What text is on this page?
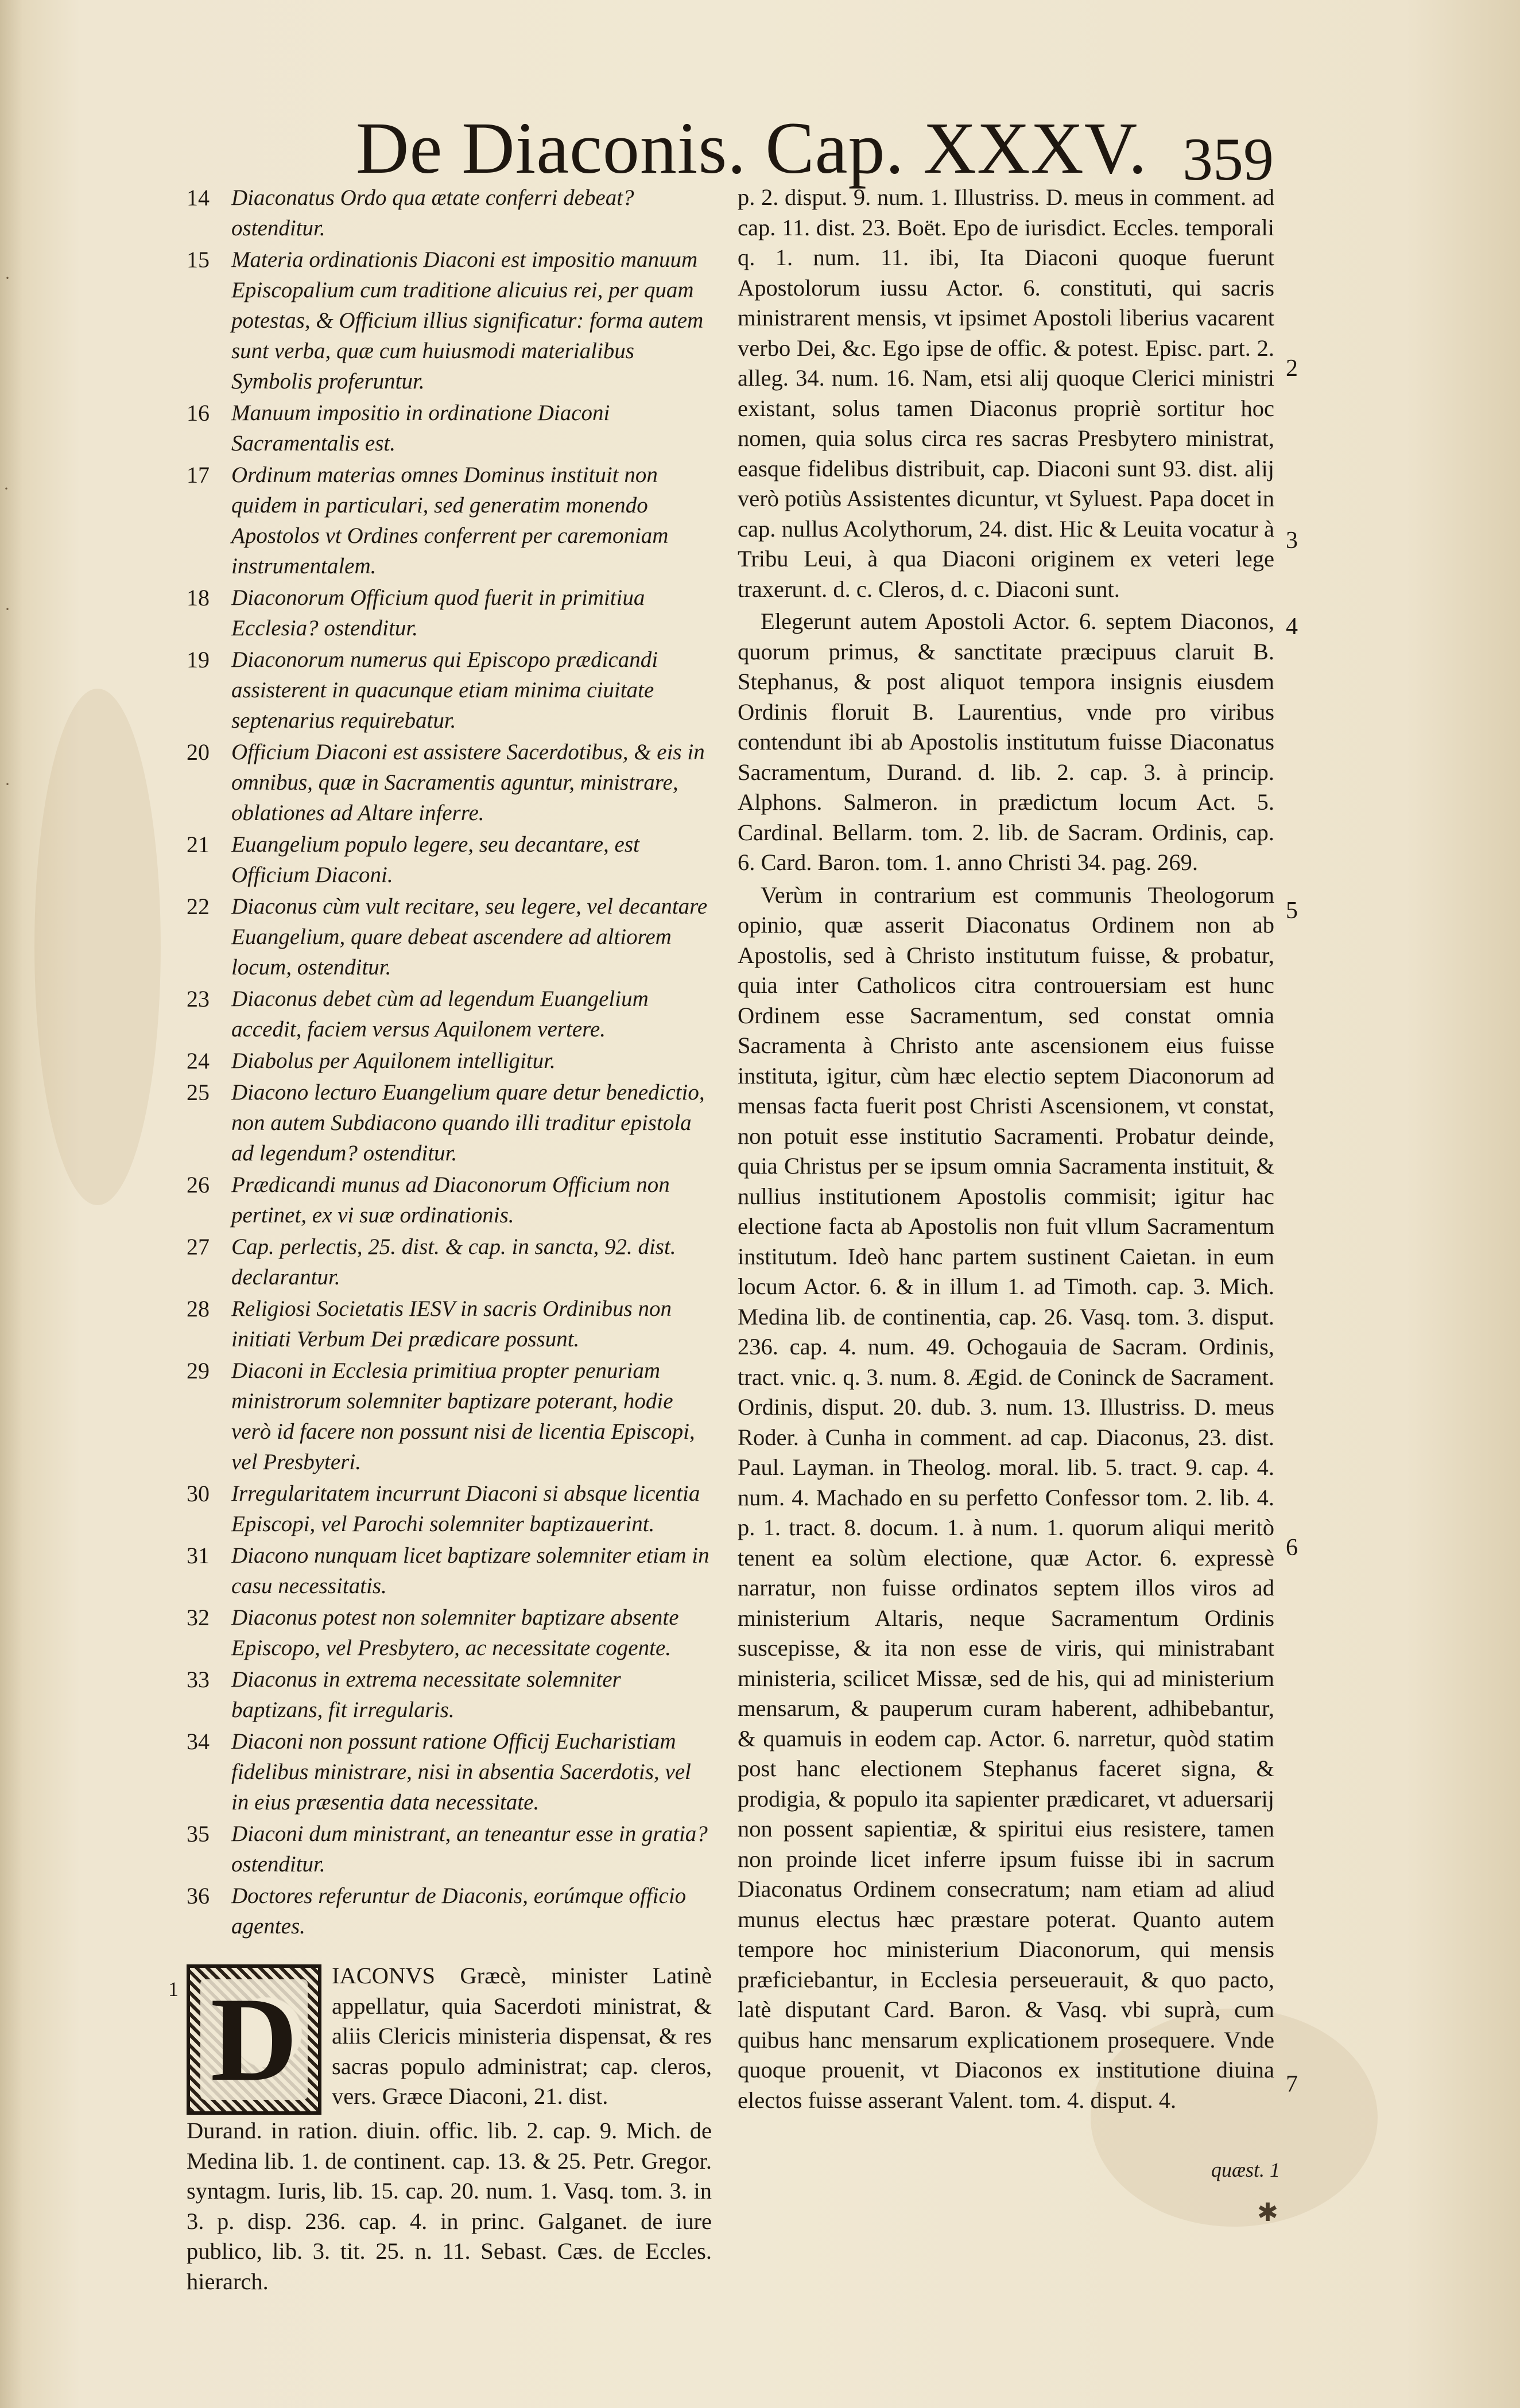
·
·
·
·
De Diaconis. Cap. XXXV. 359
14 Diaconatus Ordo qua ætate conferri debeat? ostenditur.
15 Materia ordinationis Diaconi est impositio manuum Episcopalium cum traditione alicuius rei, per quam potestas, & Officium illius significatur: forma autem sunt verba, quæ cum huiusmodi materialibus Symbolis proferuntur.
16 Manuum impositio in ordinatione Diaconi Sacramentalis est.
17 Ordinum materias omnes Dominus instituit non quidem in particulari, sed generatim monendo Apostolos vt Ordines conferrent per caremoniam instrumentalem.
18 Diaconorum Officium quod fuerit in primitiua Ecclesia? ostenditur.
19 Diaconorum numerus qui Episcopo prædicandi assisterent in quacunque etiam minima ciuitate septenarius requirebatur.
20 Officium Diaconi est assistere Sacerdotibus, & eis in omnibus, quæ in Sacramentis aguntur, ministrare, oblationes ad Altare inferre.
21 Euangelium populo legere, seu decantare, est Officium Diaconi.
22 Diaconus cùm vult recitare, seu legere, vel decantare Euangelium, quare debeat ascendere ad altiorem locum, ostenditur.
23 Diaconus debet cùm ad legendum Euangelium accedit, faciem versus Aquilonem vertere.
24 Diabolus per Aquilonem intelligitur.
25 Diacono lecturo Euangelium quare detur benedictio, non autem Subdiacono quando illi traditur epistola ad legendum? ostenditur.
26 Prædicandi munus ad Diaconorum Officium non pertinet, ex vi suæ ordinationis.
27 Cap. perlectis, 25. dist. & cap. in sancta, 92. dist. declarantur.
28 Religiosi Societatis IESV in sacris Ordinibus non initiati Verbum Dei prædicare possunt.
29 Diaconi in Ecclesia primitiua propter penuriam ministrorum solemniter baptizare poterant, hodie verò id facere non possunt nisi de licentia Episcopi, vel Presbyteri.
30 Irregularitatem incurrunt Diaconi si absque licentia Episcopi, vel Parochi solemniter baptizauerint.
31 Diacono nunquam licet baptizare solemniter etiam in casu necessitatis.
32 Diaconus potest non solemniter baptizare absente Episcopo, vel Presbytero, ac necessitate cogente.
33 Diaconus in extrema necessitate solemniter baptizans, fit irregularis.
34 Diaconi non possunt ratione Officij Eucharistiam fidelibus ministrare, nisi in absentia Sacerdotis, vel in eius præsentia data necessitate.
35 Diaconi dum ministrant, an teneantur esse in gratia? ostenditur.
36 Doctores referuntur de Diaconis, eorúmque officio agentes.
1 D	IACONVS Græcè, minister Latinè appellatur, quia Sacerdoti ministrat, & aliis Clericis ministeria dispensat, & res sacras populo administrat; cap. cleros, vers. Græce Diaconi, 21. dist.

Durand. in ration. diuin. offic. lib. 2. cap. 9. Mich. de Medina lib. 1. de continent. cap. 13. & 25. Petr. Gregor. syntagm. Iuris, lib. 15. cap. 20. num. 1. Vasq. tom. 3. in 3. p. disp. 236. cap. 4. in princ. Galganet. de iure publico, lib. 3. tit. 25. n. 11. Sebast. Cæs. de Eccles. hierarch.

p. 2. disput. 9. num. 1. Illustriss. D. meus in comment. ad cap. 11. dist. 23. Boët. Epo de iurisdict. Eccles. temporali q. 1. num. 11. ibi, Ita Diaconi quoque fuerunt Apostolorum iussu Actor. 6. constituti, qui sacris ministrarent mensis, vt ipsimet Apostoli liberius vacarent verbo Dei, &c. Ego ipse de offic. & potest. Episc. part. 2. alleg. 34. num. 16. Nam, etsi alij quoque Clerici ministri existant, solus tamen Diaconus propriè sortitur hoc nomen, quia solus circa res sacras Presbytero ministrat, easque fidelibus distribuit, cap. Diaconi sunt 93. dist. alij verò potiùs Assistentes dicuntur, vt Syluest. Papa docet in cap. nullus Acolythorum, 24. dist. Hic & Leuita vocatur à Tribu Leui, à qua Diaconi originem ex veteri lege traxerunt. d. c. Cleros, d. c. Diaconi sunt.

Elegerunt autem Apostoli Actor. 6. septem Diaconos, quorum primus, & sanctitate præcipuus claruit B. Stephanus, & post aliquot tempora insignis eiusdem Ordinis floruit B. Laurentius, vnde pro viribus contendunt ibi ab Apostolis institutum fuisse Diaconatus Sacramentum, Durand. d. lib. 2. cap. 3. à princip. Alphons. Salmeron. in prædictum locum Act. 5. Cardinal. Bellarm. tom. 2. lib. de Sacram. Ordinis, cap. 6. Card. Baron. tom. 1. anno Christi 34. pag. 269.

Verùm in contrarium est communis Theologorum opinio, quæ asserit Diaconatus Ordinem non ab Apostolis, sed à Christo institutum fuisse, & probatur, quia inter Catholicos citra controuersiam est hunc Ordinem esse Sacramentum, sed constat omnia Sacramenta à Christo ante ascensionem eius fuisse instituta, igitur, cùm hæc electio septem Diaconorum ad mensas facta fuerit post Christi Ascensionem, vt constat, non potuit esse institutio Sacramenti. Probatur deinde, quia Christus per se ipsum omnia Sacramenta instituit, & nullius institutionem Apostolis commisit; igitur hac electione facta ab Apostolis non fuit vllum Sacramentum institutum. Ideò hanc partem sustinent Caietan. in eum locum Actor. 6. & in illum 1. ad Timoth. cap. 3. Mich. Medina lib. de continentia, cap. 26. Vasq. tom. 3. disput. 236. cap. 4. num. 49. Ochogauia de Sacram. Ordinis, tract. vnic. q. 3. num. 8. Ægid. de Coninck de Sacrament. Ordinis, disput. 20. dub. 3. num. 13. Illustriss. D. meus Roder. à Cunha in comment. ad cap. Diaconus, 23. dist. Paul. Layman. in Theolog. moral. lib. 5. tract. 9. cap. 4. num. 4. Machado en su perfetto Confessor tom. 2. lib. 4. p. 1. tract. 8. docum. 1. à num. 1. quorum aliqui meritò tenent ea solùm electione, quæ Actor. 6. expressè narratur, non fuisse ordinatos septem illos viros ad ministerium Altaris, neque Sacramentum Ordinis suscepisse, & ita non esse de viris, qui ministrabant ministeria, scilicet Missæ, sed de his, qui ad ministerium mensarum, & pauperum curam haberent, adhibebantur, & quamuis in eodem cap. Actor. 6. narretur, quòd statim post hanc electionem Stephanus faceret signa, & prodigia, & populo ita sapienter prædicaret, vt aduersarij non possent sapientiæ, & spiritui eius resistere, tamen non proinde licet inferre ipsum fuisse ibi in sacrum Diaconatus Ordinem consecratum; nam etiam ad aliud munus electus hæc præstare poterat. Quanto autem tempore hoc ministerium Diaconorum, qui mensis præficiebantur, in Ecclesia perseuerauit, & quo pacto, latè disputant Card. Baron. & Vasq. vbi suprà, cum quibus hanc mensarum explicationem prosequere. Vnde quoque prouenit, vt Diaconos ex institutione diuina electos fuisse asserant Valent. tom. 4. disput. 4.

2
3
4
5
6
7
quæst. 1
✱
